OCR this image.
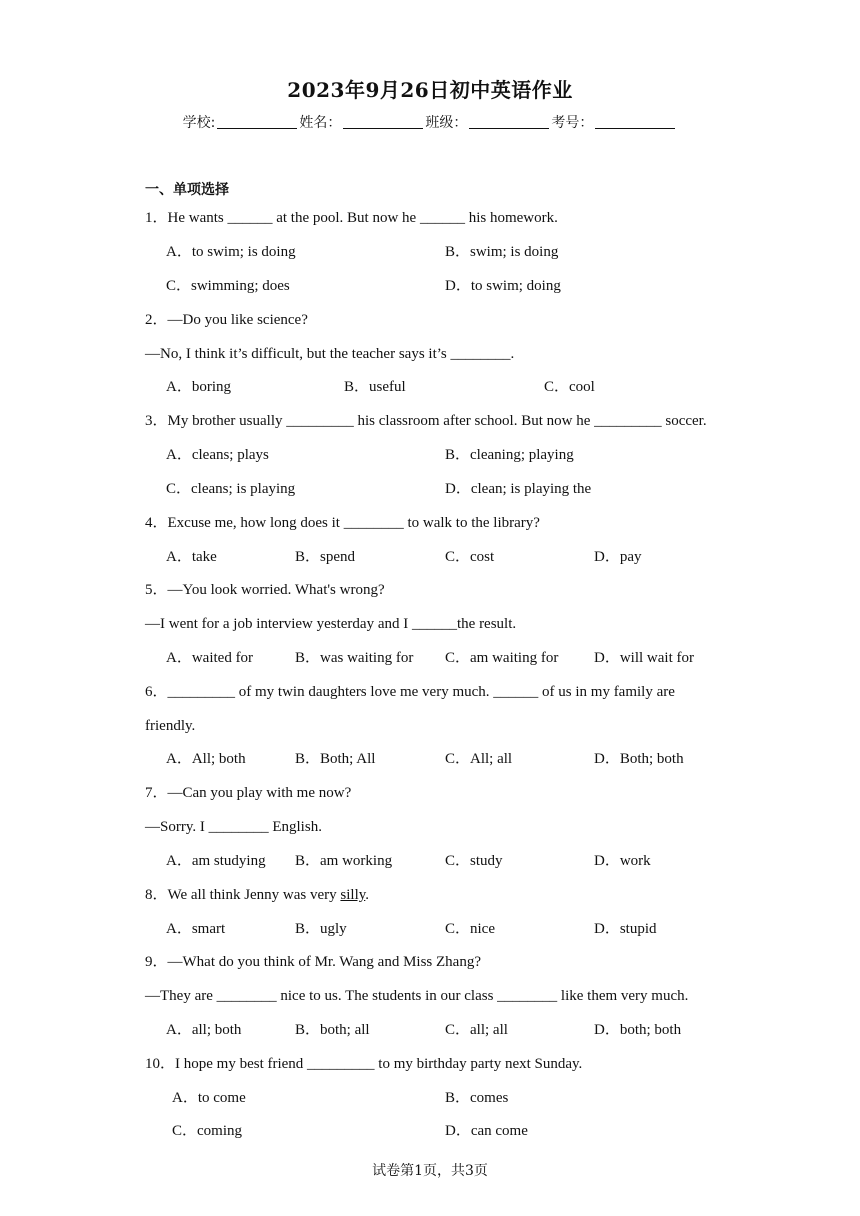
2023年9月26日初中英语作业
学校:	姓名：	班级：	考号：
一、单项选择
1．He wants ______ at the pool. But now he ______ his homework.
A．to swim; is doing	B．swim; is doing
C．swimming; does	D．to swim; doing
2．—Do you like science?
—No, I think it’s difficult, but the teacher says it’s ________.
A．boring	B．useful	C．cool
3．My brother usually _________ his classroom after school. But now he _________ soccer.
A．cleans; plays	B．cleaning; playing
C．cleans; is playing	D．clean; is playing the
4．Excuse me, how long does it ________ to walk to the library?
A．take	B．spend	C．cost	D．pay
5．—You look worried. What's wrong?
—I went for a job interview yesterday and I ______the result.
A．waited for	B．was waiting for C．am waiting for D．will wait for
6．_________ of my twin daughters love me very much. ______ of us in my family are
friendly.
A．All; both	B．Both; All	C．All; all	D．Both; both
7．—Can you play with me now?
—Sorry. I ________ English.
A．am studying B．am working	C．study	D．work
8．We all think Jenny was very silly.
A．smart	B．ugly	C．nice	D．stupid
9．—What do you think of Mr. Wang and Miss Zhang?
—They are ________ nice to us. The students in our class ________ like them very much.
A．all; both	B．both; all	C．all; all	D．both; both
10．I hope my best friend _________ to my birthday party next Sunday.
A．to come	B．comes
C．coming	D．can come
试卷第1页，共3页
